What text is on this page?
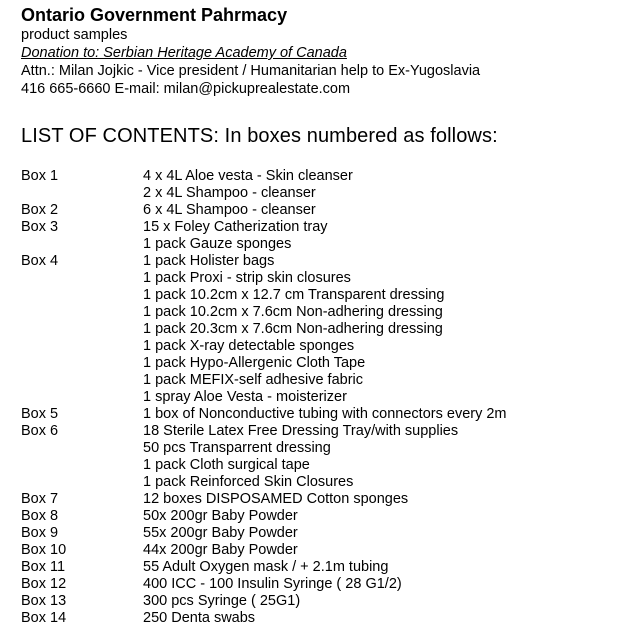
Ontario Government Pahrmacy
product samples
Donation to: Serbian Heritage Academy of Canada
Attn.: Milan Jojkic - Vice president / Humanitarian help to Ex-Yugoslavia
416 665-6660 E-mail: milan@pickuprealestate.com
LIST OF CONTENTS: In boxes numbered as follows:
Box 1	4 x 4L Aloe vesta - Skin cleanser
2 x 4L Shampoo - cleanser
Box 2	6 x 4L Shampoo - cleanser
Box 3	15 x Foley Catherization tray
1 pack Gauze sponges
Box 4	1 pack Holister bags
1 pack Proxi - strip skin closures
1 pack 10.2cm x 12.7 cm Transparent dressing
1 pack 10.2cm x 7.6cm Non-adhering dressing
1 pack 20.3cm x 7.6cm Non-adhering dressing
1 pack X-ray detectable sponges
1 pack Hypo-Allergenic Cloth Tape
1 pack MEFIX-self adhesive fabric
1 spray Aloe Vesta - moisterizer
Box 5	1 box of Nonconductive tubing with connectors every 2m
Box 6	18 Sterile Latex Free Dressing Tray/with supplies
50 pcs Transparrent dressing
1 pack Cloth surgical tape
1 pack Reinforced Skin Closures
Box 7	12 boxes DISPOSAMED Cotton sponges
Box 8	50x 200gr Baby Powder
Box 9	55x 200gr Baby Powder
Box 10	44x 200gr Baby Powder
Box 11	55 Adult Oxygen mask / + 2.1m tubing
Box 12	400 ICC - 100 Insulin Syringe ( 28 G1/2)
Box 13	300 pcs Syringe ( 25G1)
Box 14	250 Denta swabs
